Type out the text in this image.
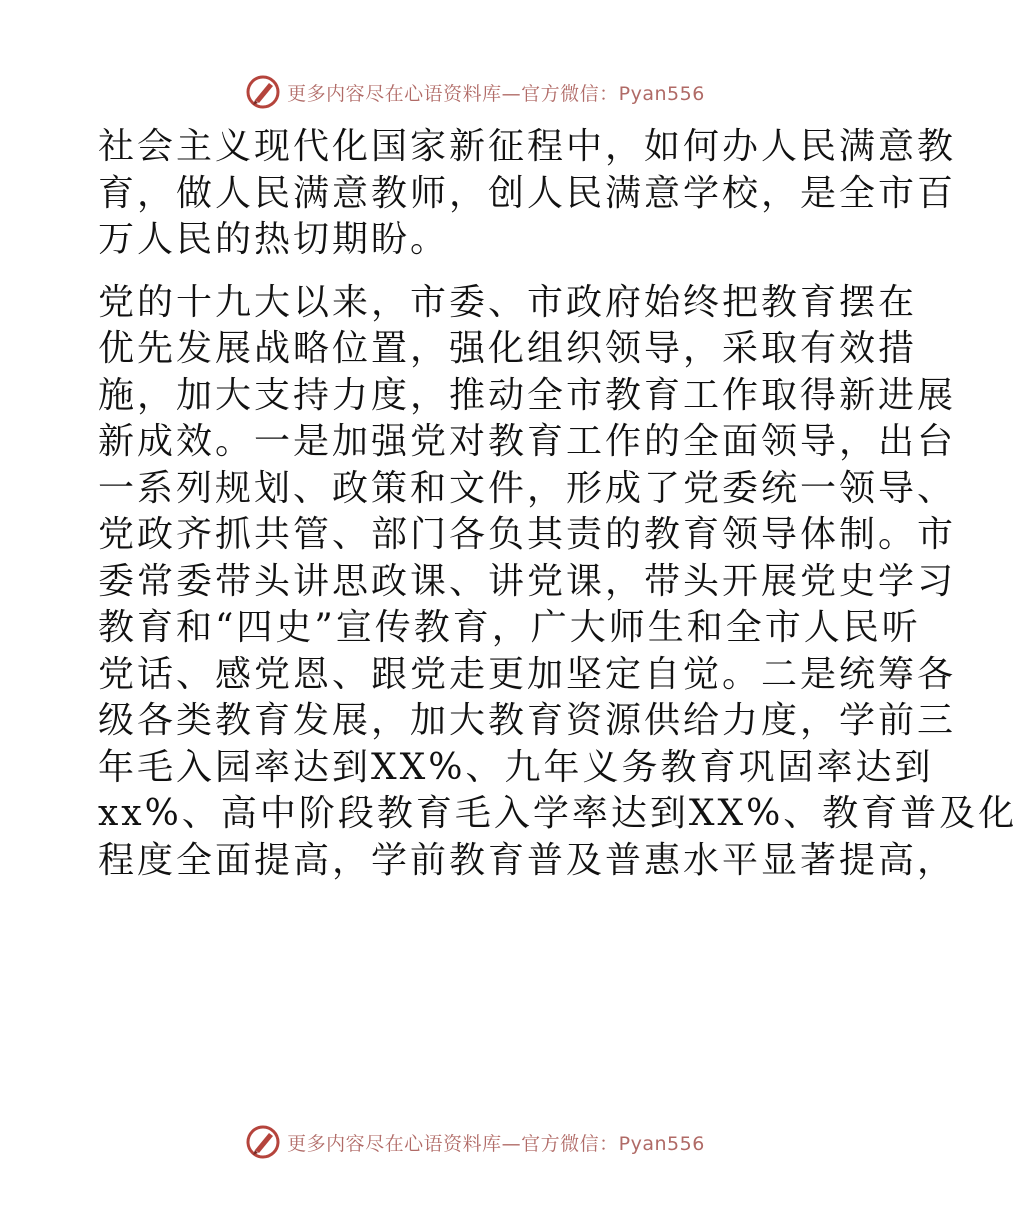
更多内容尽在心语资料库—官方微信：Pyan556
社会主义现代化国家新征程中，如何办人民满意教
育，做人民满意教师，创人民满意学校，是全市百
万人民的热切期盼。
党的十九大以来，市委、市政府始终把教育摆在
优先发展战略位置，强化组织领导，采取有效措
施，加大支持力度，推动全市教育工作取得新进展
新成效。一是加强党对教育工作的全面领导，出台
一系列规划、政策和文件，形成了党委统一领导、
党政齐抓共管、部门各负其责的教育领导体制。市
委常委带头讲思政课、讲党课，带头开展党史学习
教育和“四史”宣传教育，广大师生和全市人民听
党话、感党恩、跟党走更加坚定自觉。二是统筹各
级各类教育发展，加大教育资源供给力度，学前三
年毛入园率达到XX%、九年义务教育巩固率达到
xx%、高中阶段教育毛入学率达到XX%、教育普及化
程度全面提高，学前教育普及普惠水平显著提高，
更多内容尽在心语资料库—官方微信：Pyan556
